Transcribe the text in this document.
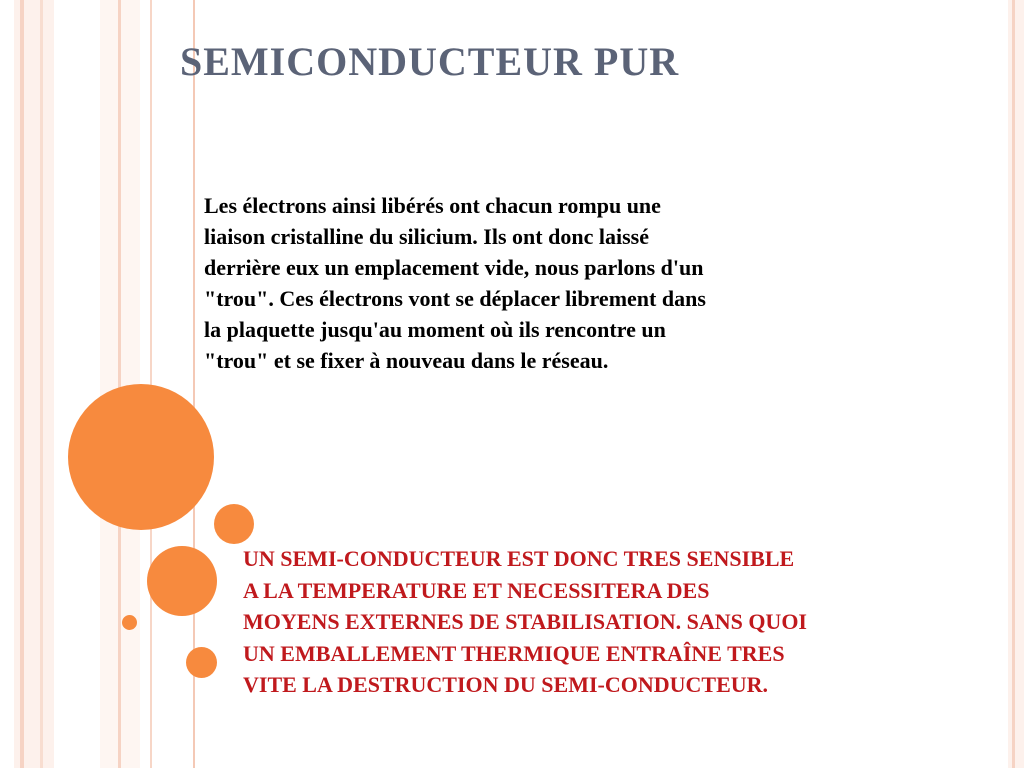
SEMICONDUCTEUR PUR
Les électrons ainsi libérés ont chacun rompu une
liaison cristalline du silicium. Ils ont donc laissé
derrière eux un emplacement vide, nous parlons d'un
"trou". Ces électrons vont se déplacer librement dans
la plaquette jusqu'au moment où ils rencontre un
"trou" et se fixer à nouveau dans le réseau.
UN SEMI-CONDUCTEUR EST DONC TRES SENSIBLE
A LA TEMPERATURE ET NECESSITERA DES
MOYENS EXTERNES DE STABILISATION. SANS QUOI
UN EMBALLEMENT THERMIQUE ENTRAÎNE TRES
VITE LA DESTRUCTION DU SEMI-CONDUCTEUR.
